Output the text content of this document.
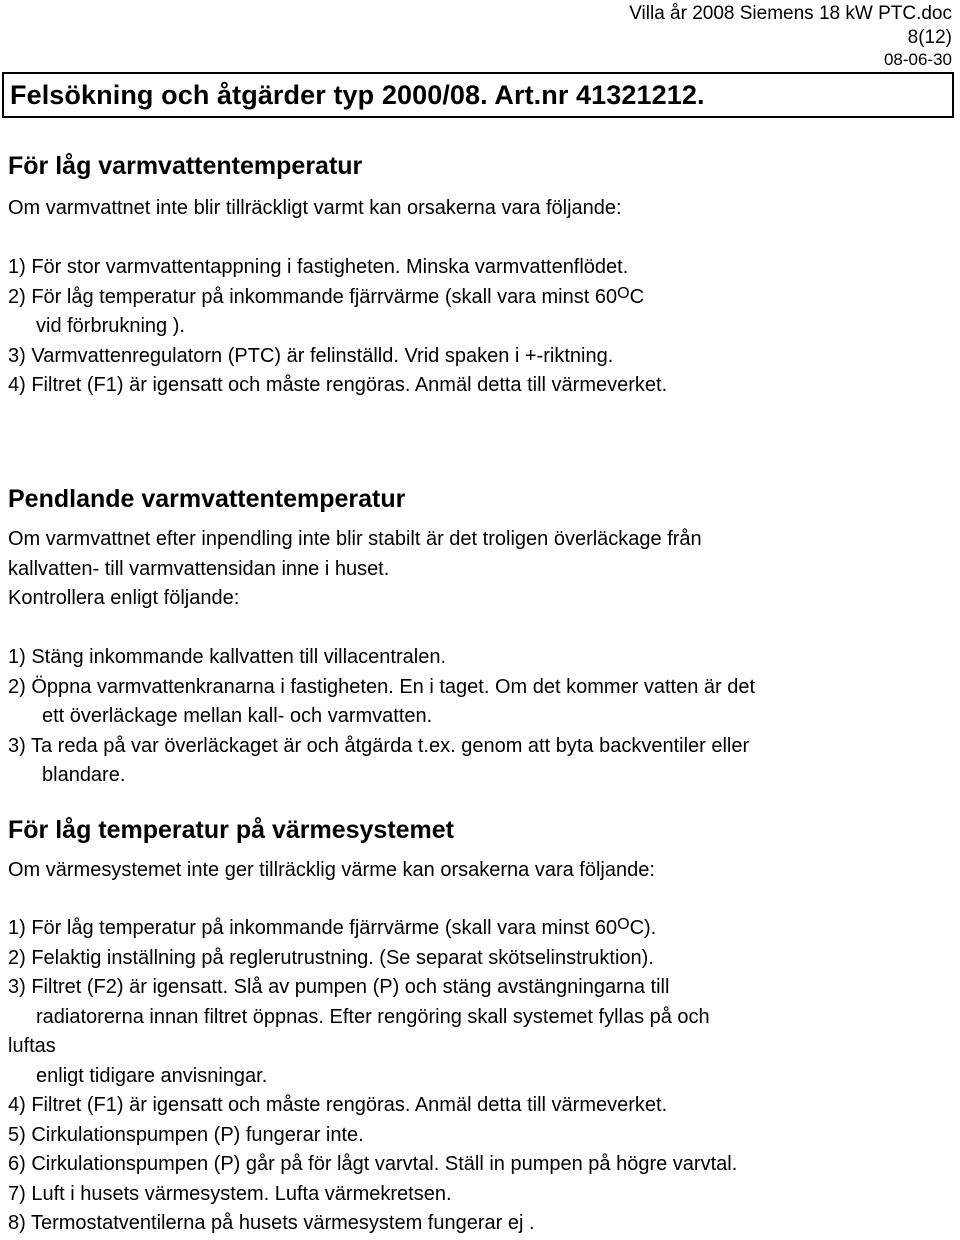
Villa år 2008 Siemens 18 kW PTC.doc
8(12)
08-06-30
Felsökning och åtgärder typ 2000/08. Art.nr 41321212.
För låg varmvattentemperatur
Om varmvattnet inte blir tillräckligt varmt kan orsakerna vara följande:
1) För stor varmvattentappning i fastigheten. Minska varmvattenflödet.
2) För låg temperatur på inkommande fjärrvärme (skall vara minst $60^OC$
vid förbrukning ).
3) Varmvattenregulatorn (PTC) är felinställd. Vrid spaken i +-riktning.
4) Filtret (F1) är igensatt och måste rengöras. Anmäl detta till värmeverket.
Pendlande varmvattentemperatur
Om varmvattnet efter inpendling inte blir stabilt är det troligen överläckage från
kallvatten- till varmvattensidan inne i huset.
Kontrollera enligt följande:
1) Stäng inkommande kallvatten till villacentralen.
2) Öppna varmvattenkranarna i fastigheten. En i taget. Om det kommer vatten är det
ett överläckage mellan kall- och varmvatten.
3) Ta reda på var överläckaget är och åtgärda t.ex. genom att byta backventiler eller
blandare.
För låg temperatur på värmesystemet
Om värmesystemet inte ger tillräcklig värme kan orsakerna vara följande:
1) För låg temperatur på inkommande fjärrvärme (skall vara minst $60^OC$).
2) Felaktig inställning på reglerutrustning. (Se separat skötselinstruktion).
3) Filtret (F2) är igensatt. Slå av pumpen (P) och stäng avstängningarna till
radiatorerna innan filtret öppnas. Efter rengöring skall systemet fyllas på och
luftas
enligt tidigare anvisningar.
4) Filtret (F1) är igensatt och måste rengöras. Anmäl detta till värmeverket.
5) Cirkulationspumpen (P) fungerar inte.
6) Cirkulationspumpen (P) går på för lågt varvtal. Ställ in pumpen på högre varvtal.
7) Luft i husets värmesystem. Lufta värmekretsen.
8) Termostatventilerna på husets värmesystem fungerar ej .
